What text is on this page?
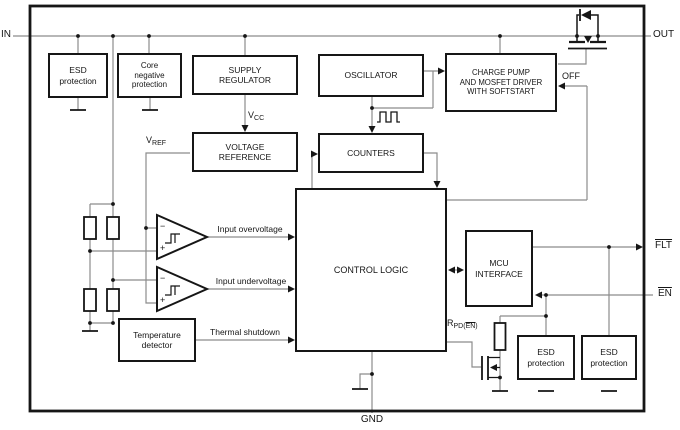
ESD
protection
Core
negative
protection
SUPPLY
REGULATOR	OSCILLATOR	CHARGE PUMP
AND MOSFET DRIVER
WITH SOFTSTART
VOLTAGE
REFERENCE	COUNTERS
CONTROL LOGIC
MCU
INTERFACE
Temperature
detector
ESD
protection
ESD
protection
IN	OUT
$\overline{FLT}$
$\overline{EN}$
GND
OFF
$V_{CC}$
$V_{REF}$
$R_{PD(\overline{EN})}$
Input overvoltage
Input undervoltage
Thermal shutdown
−
+
−
+
